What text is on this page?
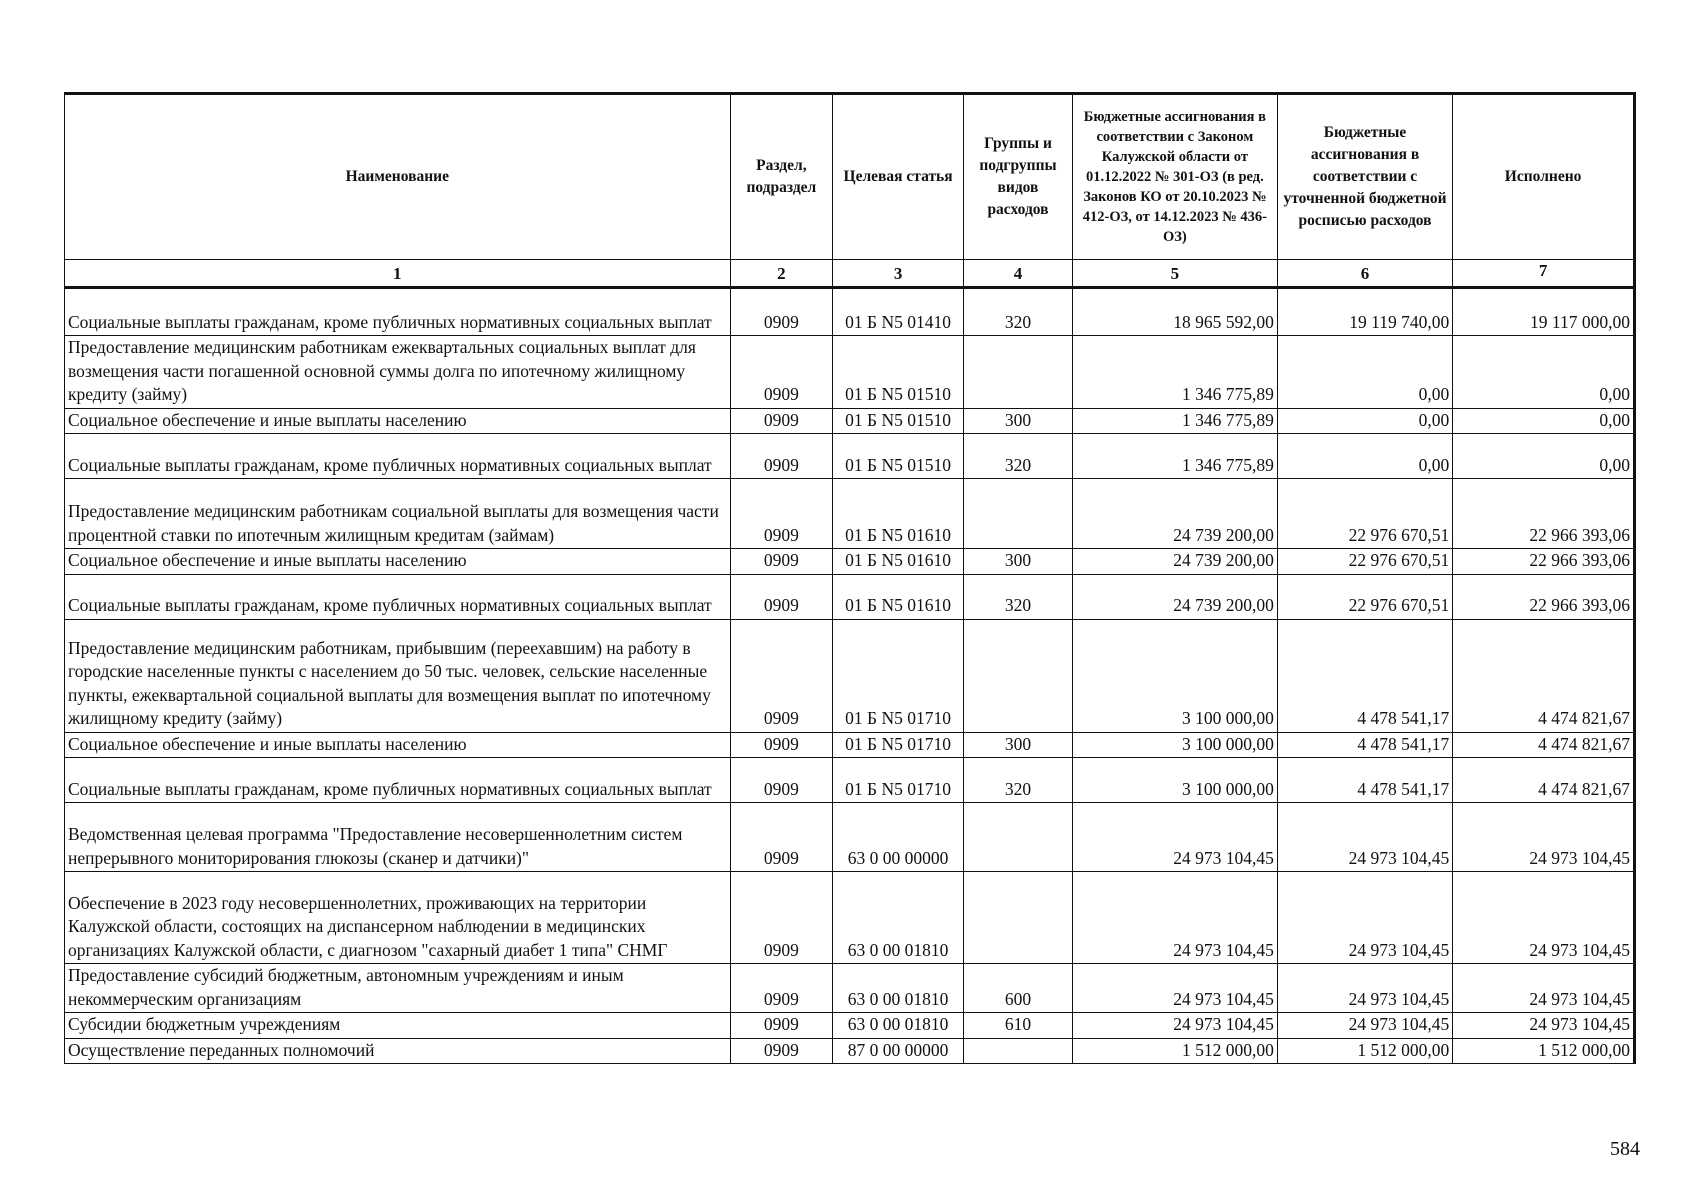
Наименование	Раздел, подраздел	Целевая статья	Группы и подгруппы видов расходов	Бюджетные ассигнования в соответствии с Законом Калужской области от 01.12.2022 № 301-ОЗ (в ред. Законов КО от 20.10.2023 № 412-ОЗ, от 14.12.2023 № 436-ОЗ)	Бюджетные ассигнования в соответствии с уточненной бюджетной росписью расходов	Исполнено
1	2	3	4	5	6	7
Социальные выплаты гражданам, кроме публичных нормативных социальных выплат	0909	01 Б N5 01410	320	18 965 592,00	19 119 740,00	19 117 000,00
Предоставление медицинским работникам ежеквартальных социальных выплат для возмещения части погашенной основной суммы долга по ипотечному жилищному кредиту (займу)	0909	01 Б N5 01510		1 346 775,89	0,00	0,00
Социальное обеспечение и иные выплаты населению	0909	01 Б N5 01510	300	1 346 775,89	0,00	0,00
Социальные выплаты гражданам, кроме публичных нормативных социальных выплат	0909	01 Б N5 01510	320	1 346 775,89	0,00	0,00
Предоставление медицинским работникам социальной выплаты для возмещения части процентной ставки по ипотечным жилищным кредитам (займам)	0909	01 Б N5 01610		24 739 200,00	22 976 670,51	22 966 393,06
Социальное обеспечение и иные выплаты населению	0909	01 Б N5 01610	300	24 739 200,00	22 976 670,51	22 966 393,06
Социальные выплаты гражданам, кроме публичных нормативных социальных выплат	0909	01 Б N5 01610	320	24 739 200,00	22 976 670,51	22 966 393,06
Предоставление медицинским работникам, прибывшим (переехавшим) на работу в городские населенные пункты с населением до 50 тыс. человек, сельские населенные пункты, ежеквартальной социальной выплаты для возмещения выплат по ипотечному жилищному кредиту (займу)	0909	01 Б N5 01710		3 100 000,00	4 478 541,17	4 474 821,67
Социальное обеспечение и иные выплаты населению	0909	01 Б N5 01710	300	3 100 000,00	4 478 541,17	4 474 821,67
Социальные выплаты гражданам, кроме публичных нормативных социальных выплат	0909	01 Б N5 01710	320	3 100 000,00	4 478 541,17	4 474 821,67
Ведомственная целевая программа "Предоставление несовершеннолетним систем непрерывного мониторирования глюкозы (сканер и датчики)"	0909	63 0 00 00000		24 973 104,45	24 973 104,45	24 973 104,45
Обеспечение в 2023 году несовершеннолетних, проживающих на территории Калужской области, состоящих на диспансерном наблюдении в медицинских организациях Калужской области, с диагнозом "сахарный диабет 1 типа" СНМГ	0909	63 0 00 01810		24 973 104,45	24 973 104,45	24 973 104,45
Предоставление субсидий бюджетным, автономным учреждениям и иным некоммерческим организациям	0909	63 0 00 01810	600	24 973 104,45	24 973 104,45	24 973 104,45
Субсидии бюджетным учреждениям	0909	63 0 00 01810	610	24 973 104,45	24 973 104,45	24 973 104,45
Осуществление переданных полномочий	0909	87 0 00 00000		1 512 000,00	1 512 000,00	1 512 000,00
584
